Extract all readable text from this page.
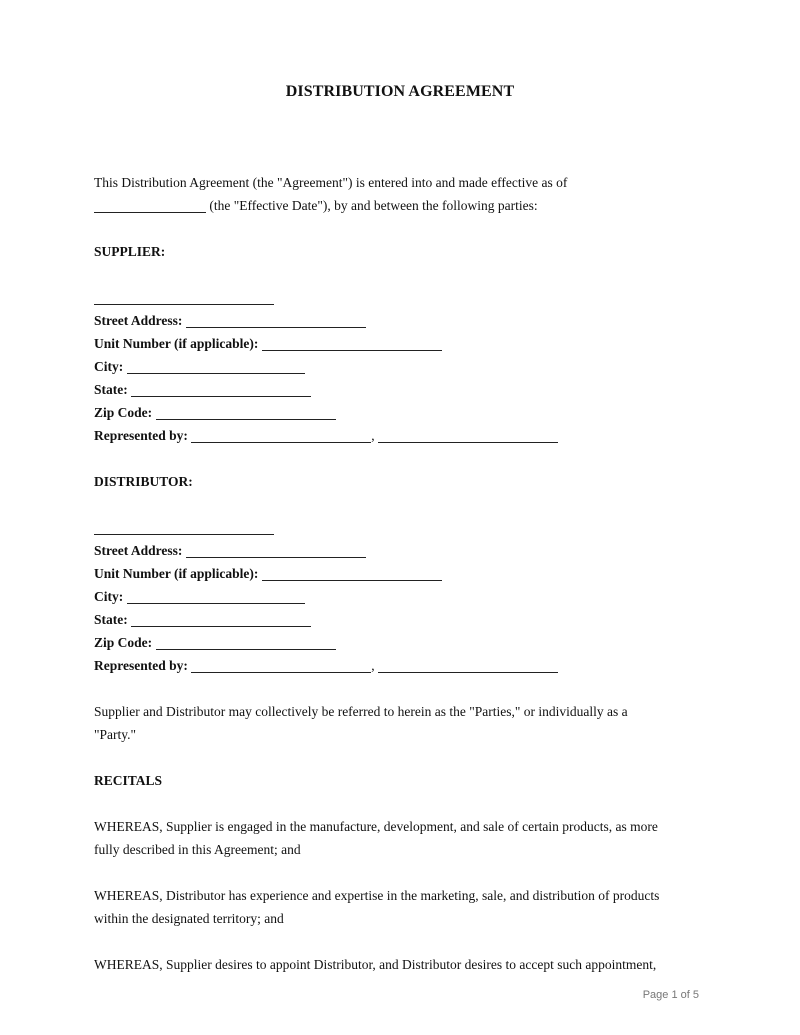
DISTRIBUTION AGREEMENT

This Distribution Agreement (the "Agreement") is entered into and made effective as of

(the "Effective Date"), by and between the following parties:

SUPPLIER:

Street Address:

Unit Number (if applicable):

City:

State:

Zip Code:

Represented by:	,

DISTRIBUTOR:

Street Address:

Unit Number (if applicable):

City:

State:

Zip Code:

Represented by:	,

Supplier and Distributor may collectively be referred to herein as the "Parties," or individually as a

"Party."

RECITALS

WHEREAS, Supplier is engaged in the manufacture, development, and sale of certain products, as more

fully described in this Agreement; and

WHEREAS, Distributor has experience and expertise in the marketing, sale, and distribution of products

within the designated territory; and

WHEREAS, Supplier desires to appoint Distributor, and Distributor desires to accept such appointment,

Page 1 of 5
